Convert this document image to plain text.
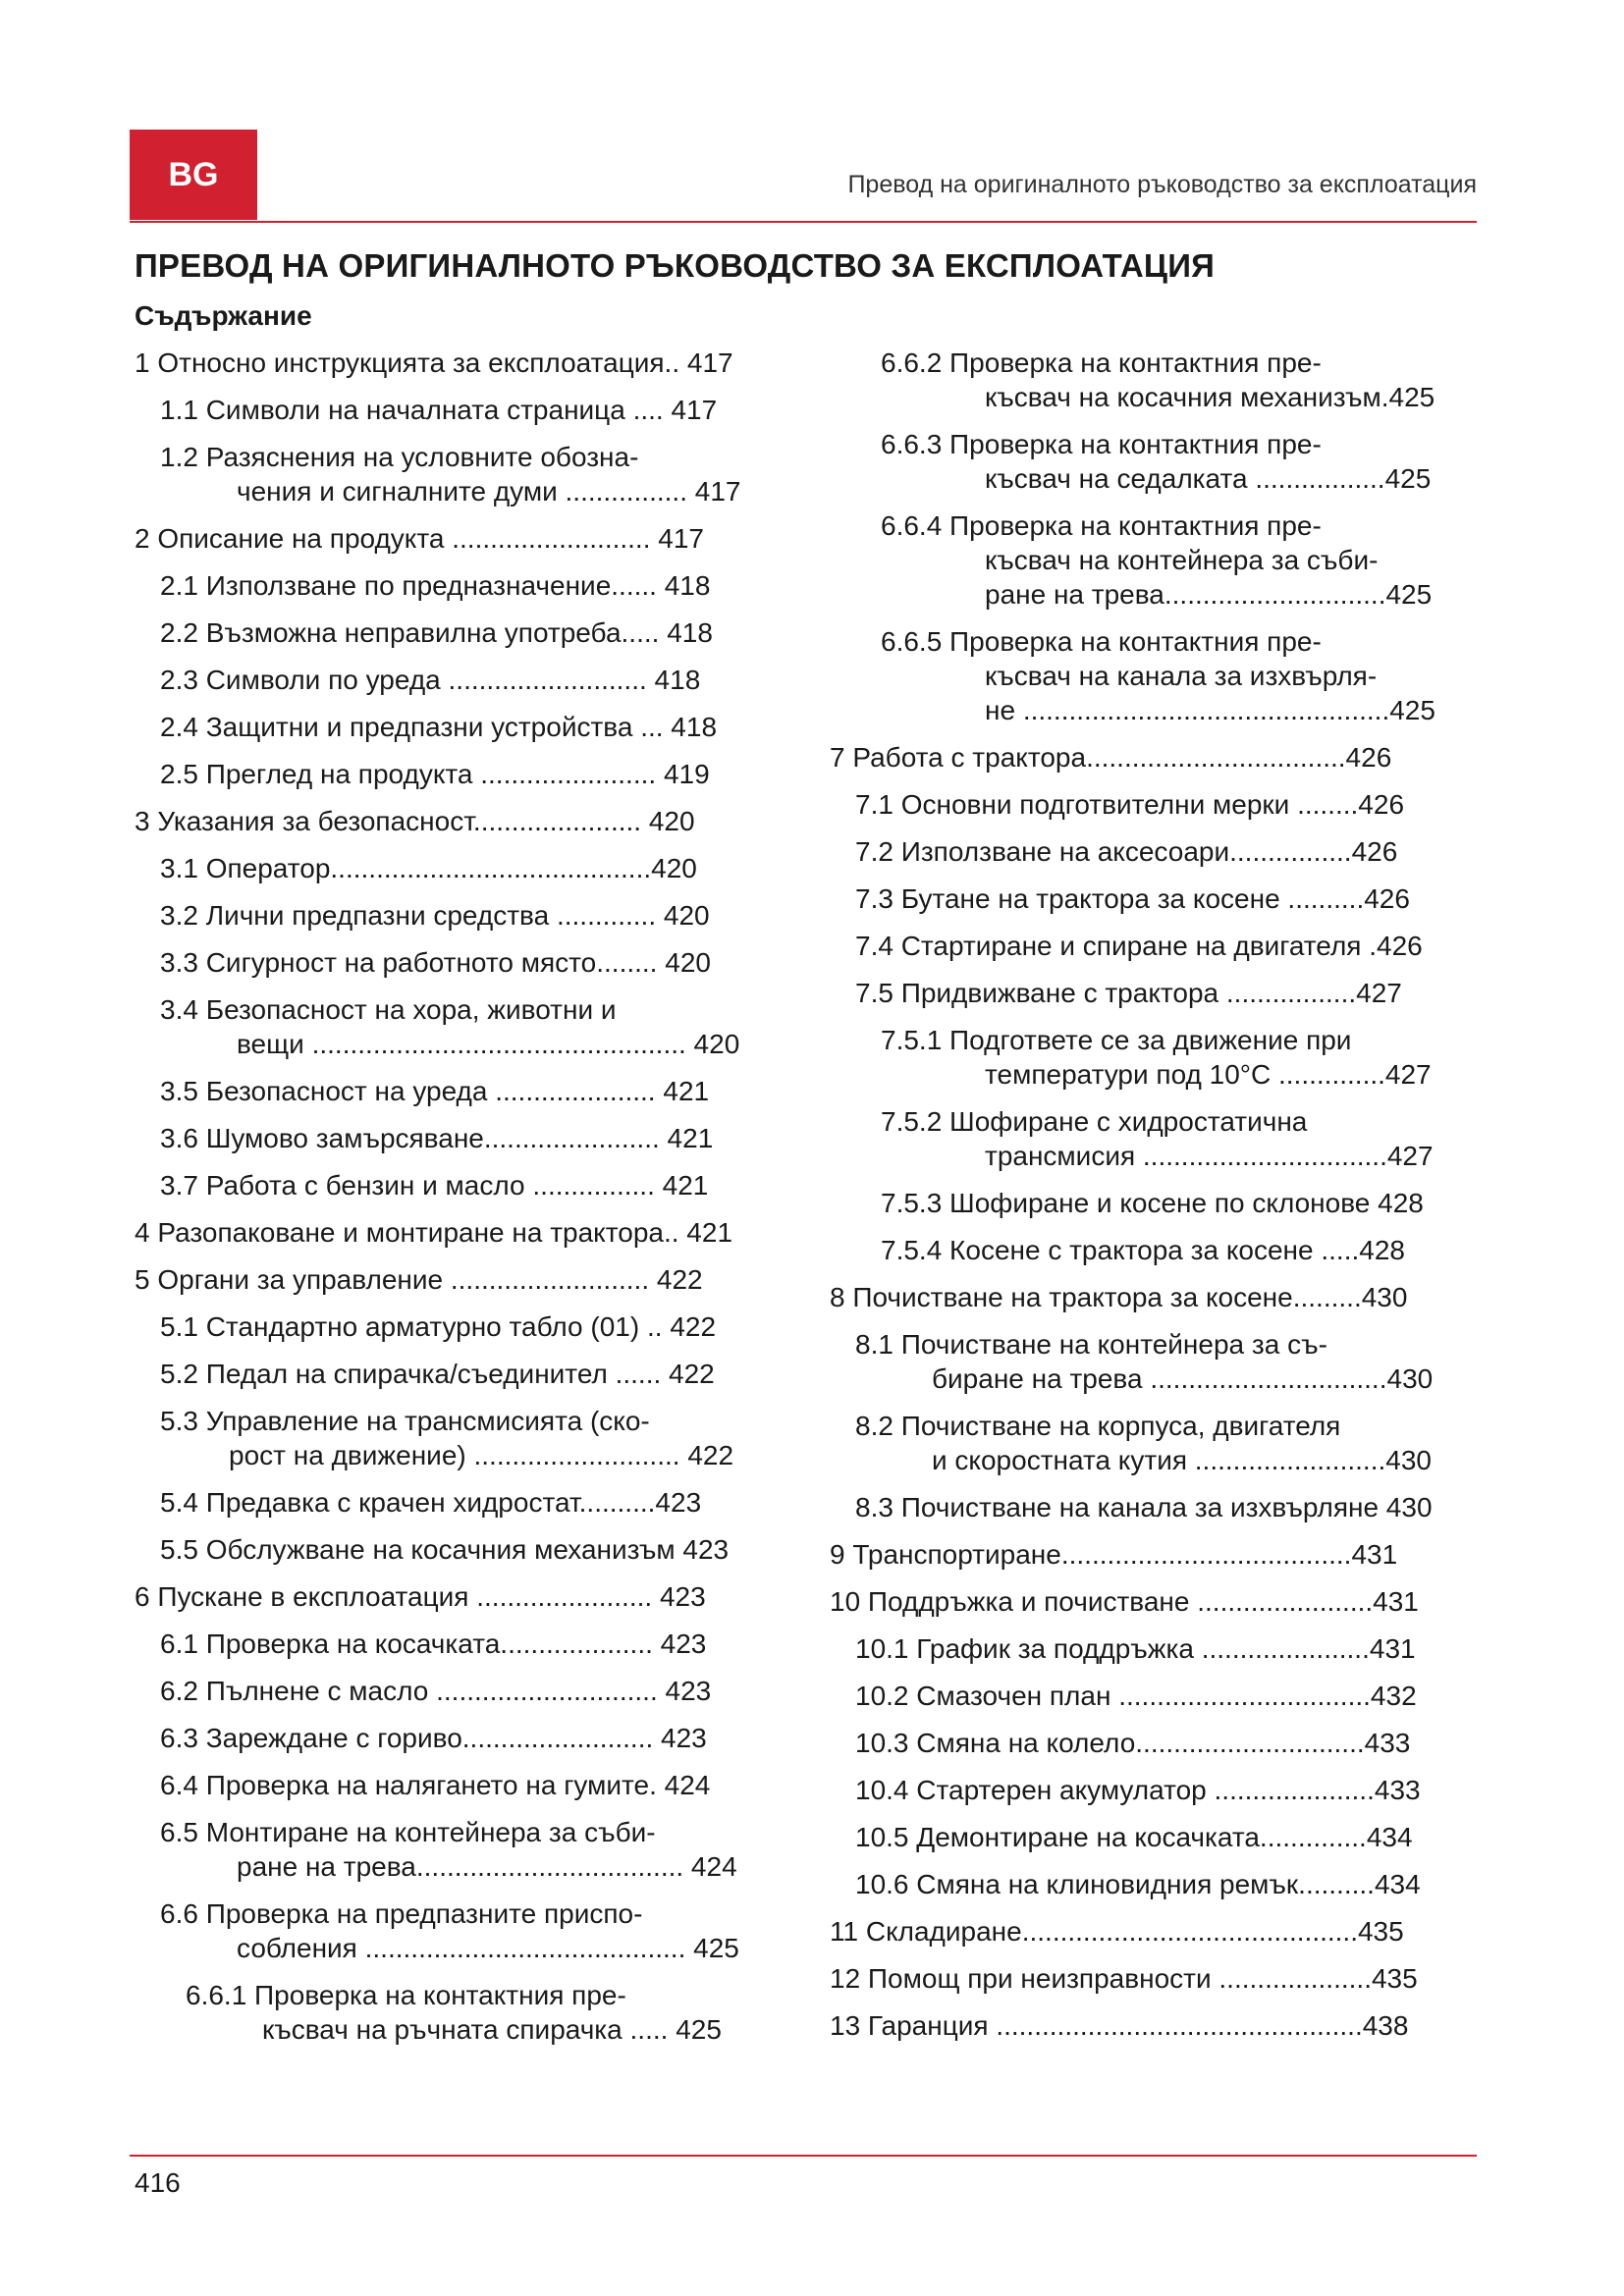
BG	Превод на оригиналното ръководство за експлоатация
ПРЕВОД НА ОРИГИНАЛНОТО РЪКОВОДСТВО ЗА ЕКСПЛОАТАЦИЯ
Съдържание
1 Относно инструкцията за експлоатация.. 417
1.1 Символи на началната страница .... 417
1.2 Разяснения на условните обозна-
чения и сигналните думи ................ 417
2 Описание на продукта .......................... 417
2.1 Използване по предназначение...... 418
2.2 Възможна неправилна употреба..... 418
2.3 Символи по уреда .......................... 418
2.4 Защитни и предпазни устройства ... 418
2.5 Преглед на продукта ....................... 419
3 Указания за безопасност...................... 420
3.1 Оператор..........................................420
3.2 Лични предпазни средства ............. 420
3.3 Сигурност на работното място........ 420
3.4 Безопасност на хора, животни и
вещи ................................................. 420
3.5 Безопасност на уреда ..................... 421
3.6 Шумово замърсяване....................... 421
3.7 Работа с бензин и масло ................ 421
4 Разопаковане и монтиране на трактора.. 421
5 Органи за управление .......................... 422
5.1 Стандартно арматурно табло (01) .. 422
5.2 Педал на спирачка/съединител ...... 422
5.3 Управление на трансмисията (ско-
рост на движение) ........................... 422
5.4 Предавка с крачен хидростат..........423
5.5 Обслужване на косачния механизъм 423
6 Пускане в експлоатация ....................... 423
6.1 Проверка на косачката.................... 423
6.2 Пълнене с масло ............................. 423
6.3 Зареждане с гориво......................... 423
6.4 Проверка на налягането на гумите. 424
6.5 Монтиране на контейнера за съби-
ране на трева................................... 424
6.6 Проверка на предпазните приспо-
собления .......................................... 425
6.6.1 Проверка на контактния пре-
късвач на ръчната спирачка ..... 425
6.6.2 Проверка на контактния пре-
късвач на косачния механизъм.425
6.6.3 Проверка на контактния пре-
късвач на седалката .................425
6.6.4 Проверка на контактния пре-
късвач на контейнера за съби-
ране на трева.............................425
6.6.5 Проверка на контактния пре-
късвач на канала за изхвърля-
не ................................................425
7 Работа с трактора..................................426
7.1 Основни подготвителни мерки ........426
7.2 Използване на аксесоари................426
7.3 Бутане на трактора за косене ..........426
7.4 Стартиране и спиране на двигателя .426
7.5 Придвижване с трактора .................427
7.5.1 Подгответе се за движение при
температури под 10°C ..............427
7.5.2 Шофиране с хидростатична
трансмисия ................................427
7.5.3 Шофиране и косене по склонове 428
7.5.4 Косене с трактора за косене .....428
8 Почистване на трактора за косене.........430
8.1 Почистване на контейнера за съ-
биране на трева ...............................430
8.2 Почистване на корпуса, двигателя
и скоростната кутия .........................430
8.3 Почистване на канала за изхвърляне 430
9 Транспортиране......................................431
10 Поддръжка и почистване .......................431
10.1 График за поддръжка ......................431
10.2 Смазочен план .................................432
10.3 Смяна на колело..............................433
10.4 Стартерен акумулатор .....................433
10.5 Демонтиране на косачката..............434
10.6 Смяна на клиновидния ремък..........434
11 Складиране............................................435
12 Помощ при неизправности ....................435
13 Гаранция ................................................438
416
